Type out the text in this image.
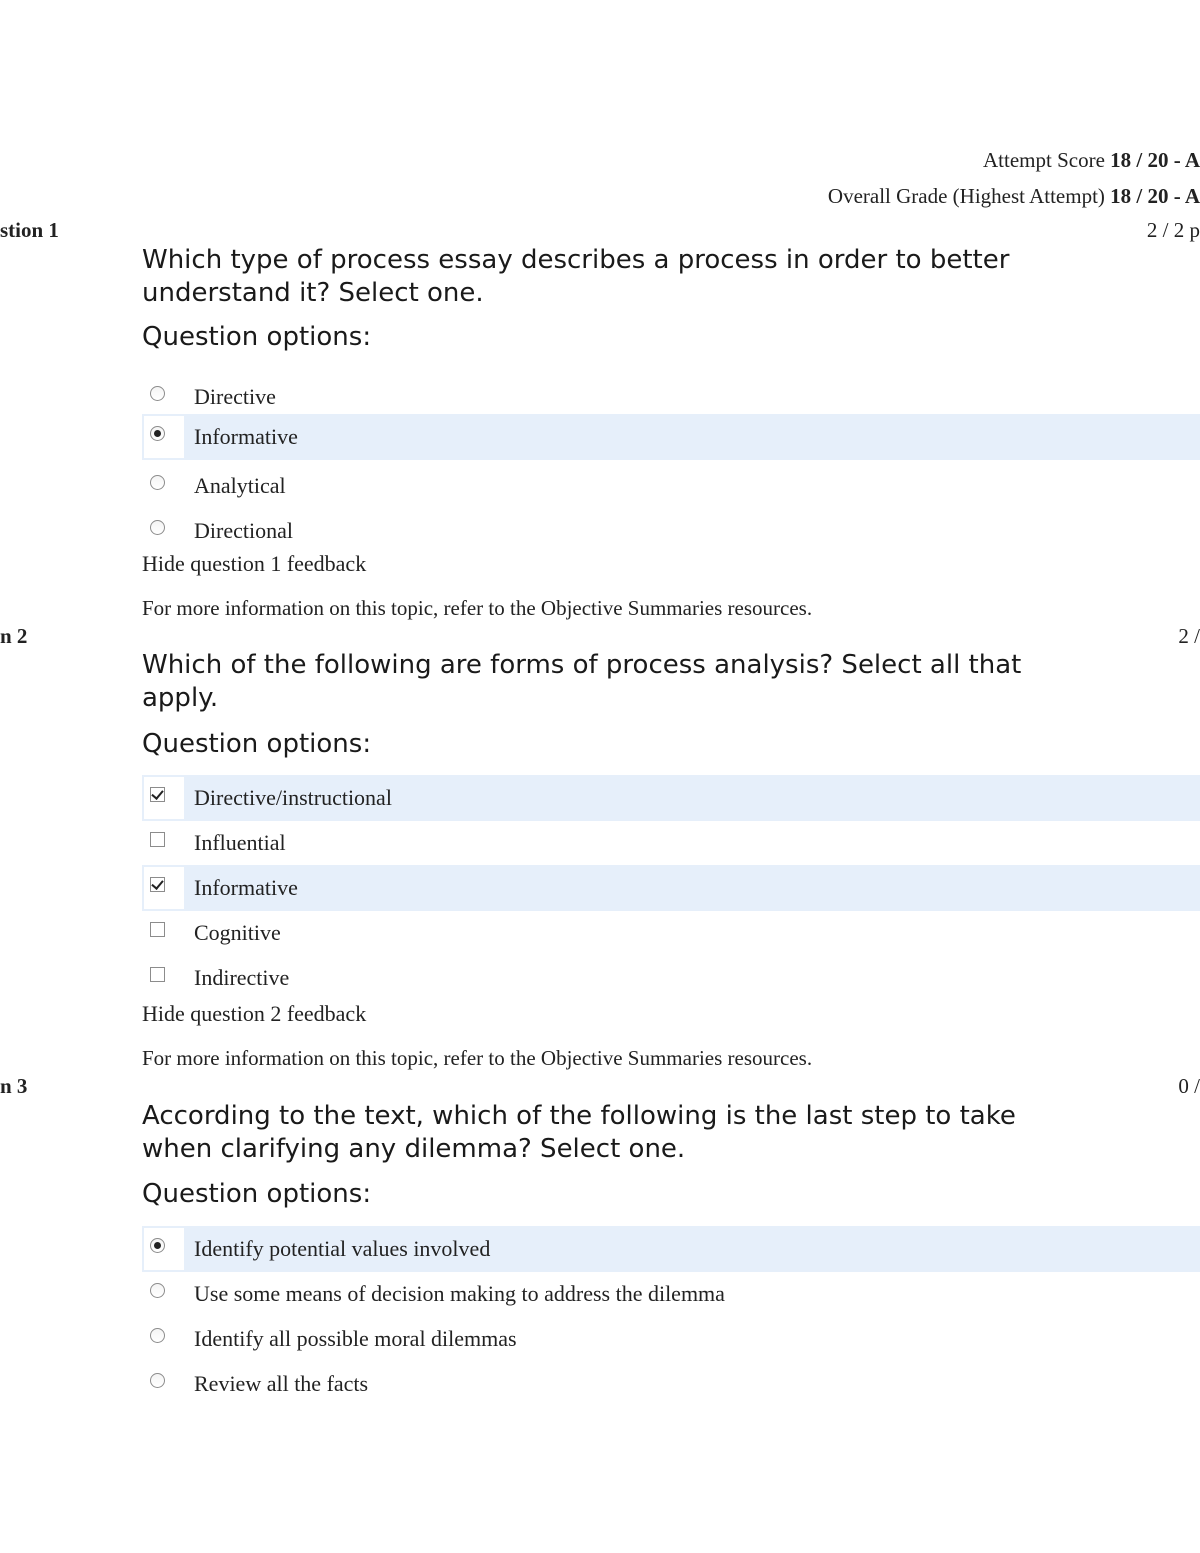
Attempt Score 18 / 20 - A
Overall Grade (Highest Attempt) 18 / 20 - A
stion 1	2 / 2 p
Which type of process essay describes a process in order to better understand it? Select one.
Question options:
Directive
Informative
Analytical
Directional
Hide question 1 feedback
For more information on this topic, refer to the Objective Summaries resources.
n 2	2 /
Which of the following are forms of process analysis? Select all that apply.
Question options:
Directive/instructional
Influential
Informative
Cognitive
Indirective
Hide question 2 feedback
For more information on this topic, refer to the Objective Summaries resources.
n 3	0 /
According to the text, which of the following is the last step to take when clarifying any dilemma? Select one.
Question options:
Identify potential values involved
Use some means of decision making to address the dilemma
Identify all possible moral dilemmas
Review all the facts
